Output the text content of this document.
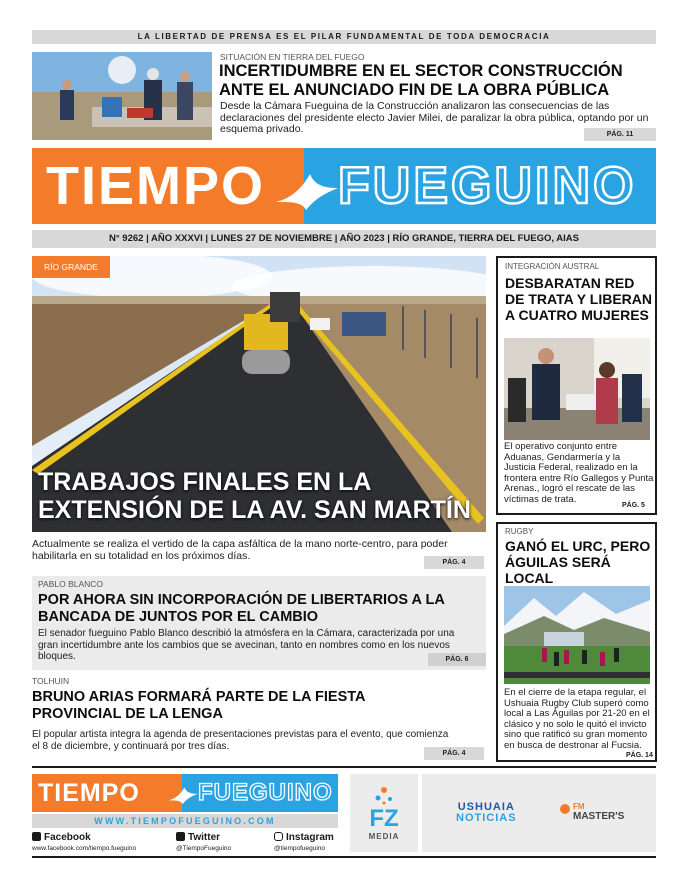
LA LIBERTAD DE PRENSA ES EL PILAR FUNDAMENTAL DE TODA DEMOCRACIA
SITUACIÓN EN TIERRA DEL FUEGO
INCERTIDUMBRE EN EL SECTOR CONSTRUCCIÓN ANTE EL ANUNCIADO FIN DE LA OBRA PÚBLICA
Desde la Cámara Fueguina de la Construcción analizaron las consecuencias de las declaraciones del presidente electo Javier Milei, de paralizar la obra pública, optando por un esquema privado.	PÁG. 11
TIEMPO FUEGUINO
N° 9262 | AÑO XXXVI | LUNES 27 DE NOVIEMBRE | AÑO 2023 | RÍO GRANDE, TIERRA DEL FUEGO, AIAS
RÍO GRANDE
TRABAJOS FINALES EN LA
EXTENSIÓN DE LA AV. SAN MARTÍN
Actualmente se realiza el vertido de la capa asfáltica de la mano norte-centro, para poder habilitarla en su totalidad en los próximos días.
PÁG. 4
INTEGRACIÓN AUSTRAL
DESBARATAN RED DE TRATA Y LIBERAN A CUATRO MUJERES
El operativo conjunto entre Aduanas, Gendarmería y la Justicia Federal, realizado en la frontera entre Río Gallegos y Punta Arenas., logró el rescate de las víctimas de trata.
PÁG. 5
RUGBY
GANÓ EL URC, PERO ÁGUILAS SERÁ LOCAL
En el cierre de la etapa regular, el Ushuaia Rugby Club superó como local a Las Águilas por 21-20 en el clásico y no solo le quitó el invicto sino que ratificó su gran momento en busca de destronar al Fucsia.
PÁG. 14
PABLO BLANCO
POR AHORA SIN INCORPORACIÓN DE LIBERTARIOS A LA BANCADA DE JUNTOS POR EL CAMBIO
El senador fueguino Pablo Blanco describió la atmósfera en la Cámara, caracterizada por una gran incertidumbre ante los cambios que se avecinan, tanto en nombres como en los nuevos bloques.	PÁG. 6
TOLHUIN
BRUNO ARIAS FORMARÁ PARTE DE LA FIESTA PROVINCIAL DE LA LENGA
El popular artista integra la agenda de presentaciones previstas para el evento, que comienza el 8 de diciembre, y continuará por tres días.
PÁG. 4
TIEMPO FUEGUINO
WWW.TIEMPOFUEGUINO.COM
Facebook
www.facebook.com/tiempo.fueguino
Twitter
@TiempoFueguino
Instagram
@tiempofueguino
FZ
MEDIA
USHUAIA
NOTICIAS
FM
MASTER'S
